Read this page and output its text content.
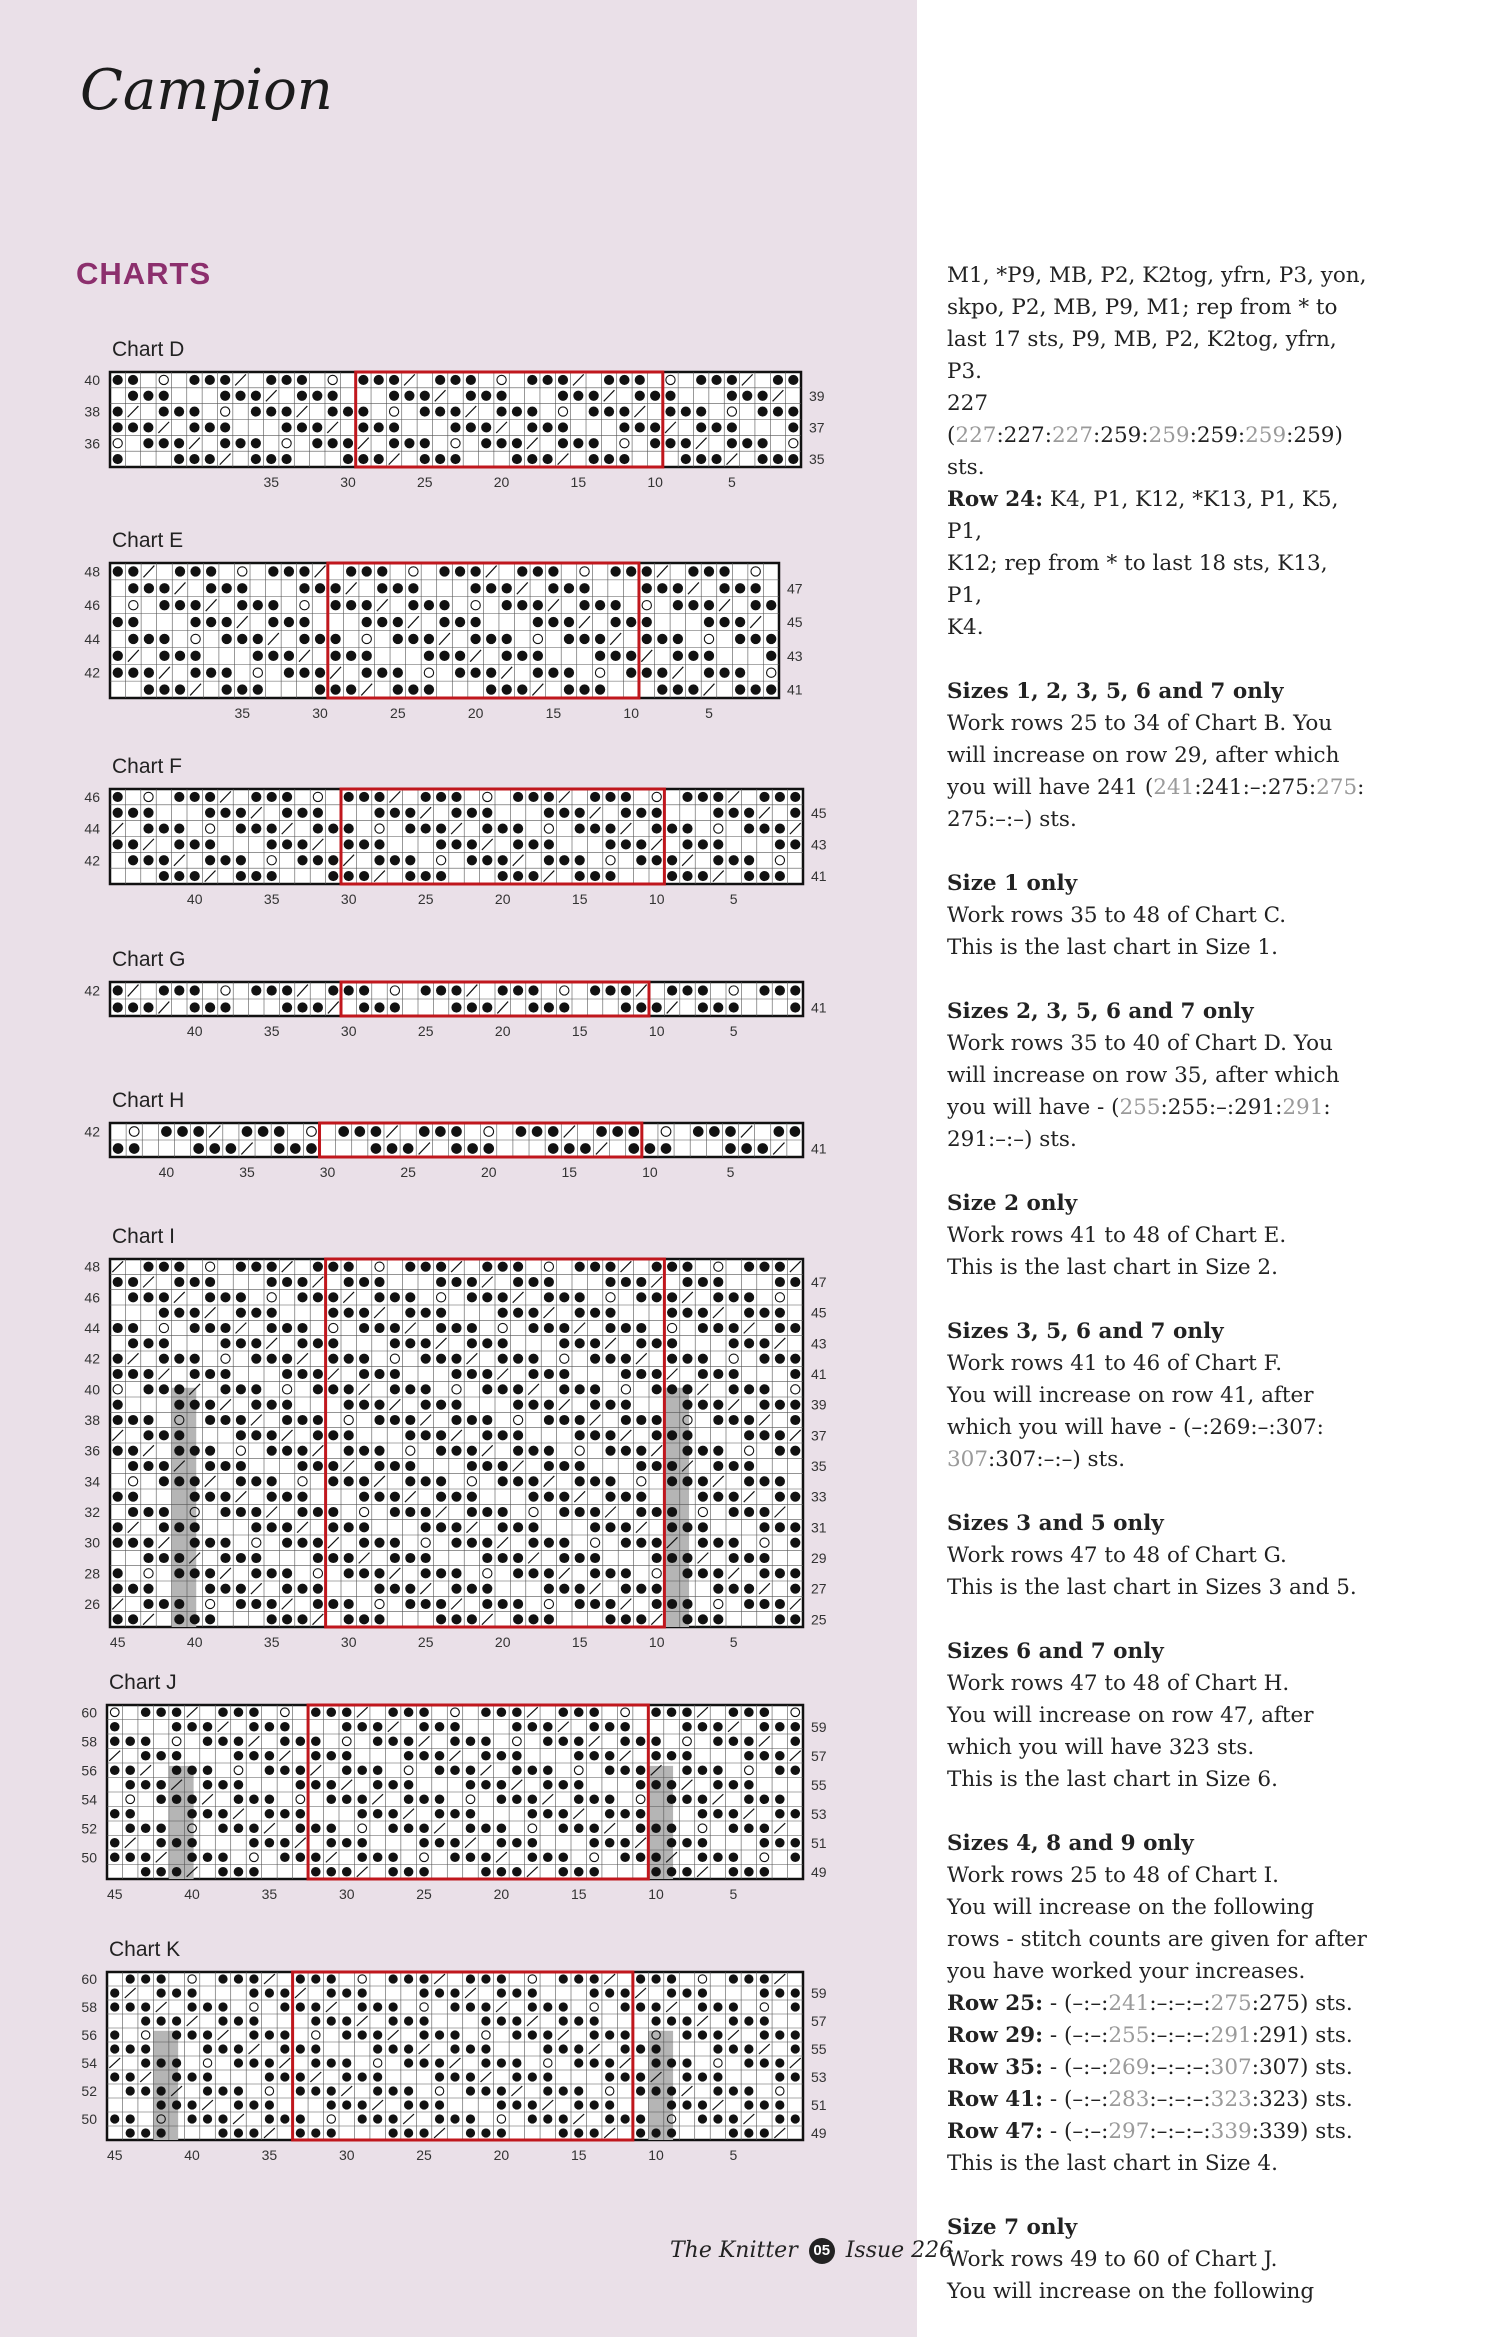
Campion
CHARTS
Chart D
40
38
36
39
37
35
35	30	25	20	15	10	5
Chart E
48
46
44
42
47
45
43
41
35	30	25	20	15	10	5
Chart F
46
44
42
45
43
41
40	35	30	25	20	15	10	5
Chart G
42
41
40	35	30	25	20	15	10	5
Chart H
42
41
40	35	30	25	20	15	10	5
Chart I
48
46
44
42
40
38
36
34
32
30
28
26
47
45
43
41
39
37
35
33
31
29
27
25
45	40	35	30	25	20	15	10	5
Chart J
60
58
56
54
52
50
59
57
55
53
51
49
45	40	35	30	25	20	15	10	5
Chart K
60
58
56
54
52
50
59
57
55
53
51
49
45	40	35	30	25	20	15	10	5

M1, *P9, MB, P2, K2tog, yfrn, P3, yon,

skpo, P2, MB, P9, M1; rep from * to

last 17 sts, P9, MB, P2, K2tog, yfrn, P3.

227 (227:227:227:259:259:259:259:259)

sts.

Row 24: K4, P1, K12, *K13, P1, K5, P1,

K12; rep from * to last 18 sts, K13, P1,

K4.

Sizes 1, 2, 3, 5, 6 and 7 only

Work rows 25 to 34 of Chart B. You

will increase on row 29, after which

you will have 241 (241:241:–:275:275:

275:–:–) sts.

Size 1 only

Work rows 35 to 48 of Chart C.

This is the last chart in Size 1.

Sizes 2, 3, 5, 6 and 7 only

Work rows 35 to 40 of Chart D. You

will increase on row 35, after which

you will have - (255:255:–:291:291:

291:–:–) sts.

Size 2 only

Work rows 41 to 48 of Chart E.

This is the last chart in Size 2.

Sizes 3, 5, 6 and 7 only

Work rows 41 to 46 of Chart F.

You will increase on row 41, after

which you will have - (–:269:–:307:

307:307:–:–) sts.

Sizes 3 and 5 only

Work rows 47 to 48 of Chart G.

This is the last chart in Sizes 3 and 5.

Sizes 6 and 7 only

Work rows 47 to 48 of Chart H.

You will increase on row 47, after

which you will have 323 sts.

This is the last chart in Size 6.

Sizes 4, 8 and 9 only

Work rows 25 to 48 of Chart I.

You will increase on the following

rows - stitch counts are given for after

you have worked your increases.

Row 25: - (–:–:241:–:–:–:275:275) sts.

Row 29: - (–:–:255:–:–:–:291:291) sts.

Row 35: - (–:–:269:–:–:–:307:307) sts.

Row 41: - (–:–:283:–:–:–:323:323) sts.

Row 47: - (–:–:297:–:–:–:339:339) sts.

This is the last chart in Size 4.

Size 7 only

Work rows 49 to 60 of Chart J.

You will increase on the following

The Knitter 05 Issue 226
